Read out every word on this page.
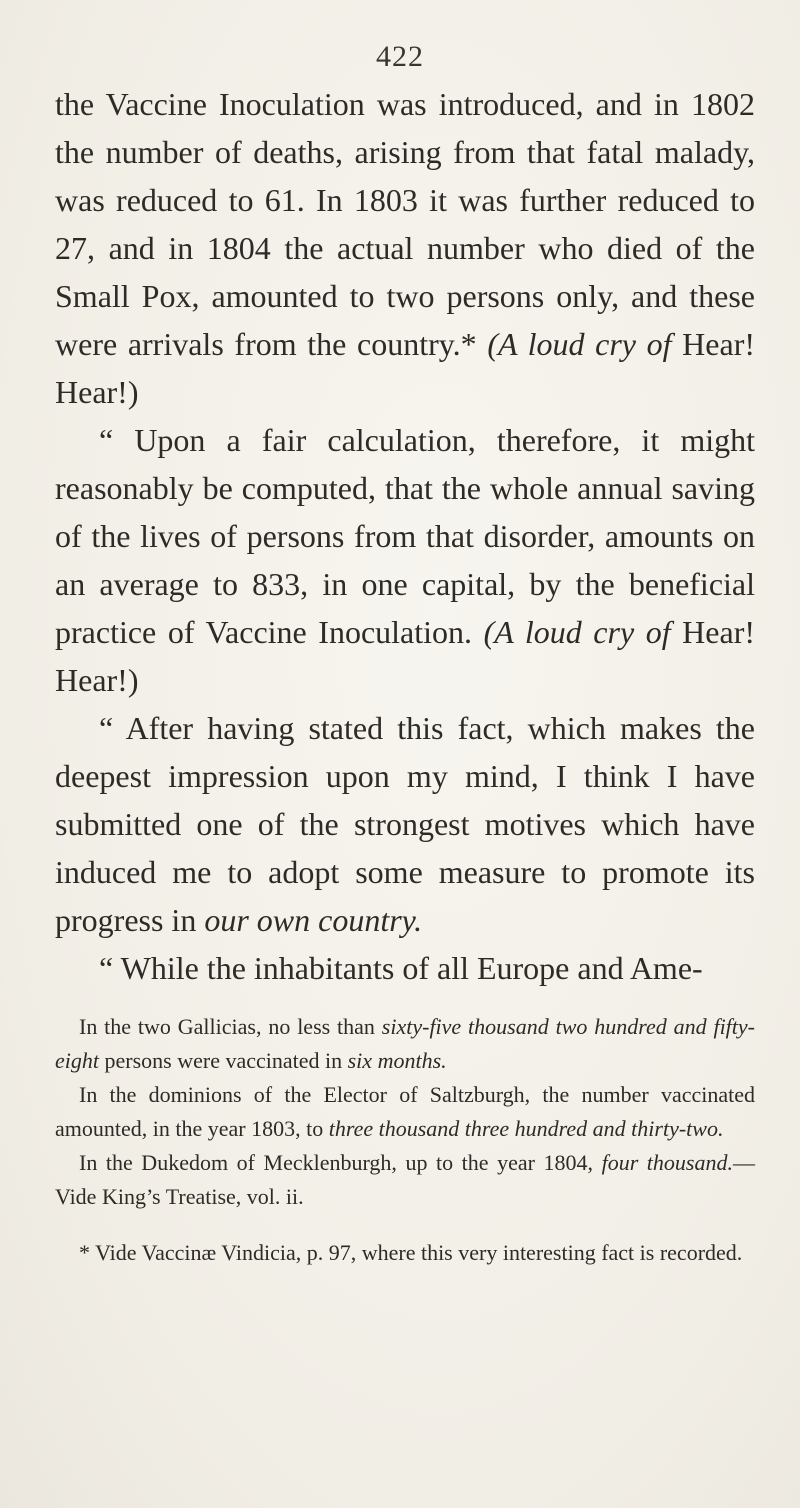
422

the Vaccine Inoculation was introduced, and in 1802 the number of deaths, arising from that fatal malady, was reduced to 61. In 1803 it was further reduced to 27, and in 1804 the actual number who died of the Small Pox, amounted to two persons only, and these were arrivals from the country.* (A loud cry of Hear! Hear!)

“ Upon a fair calculation, therefore, it might reasonably be computed, that the whole annual saving of the lives of persons from that disorder, amounts on an average to 833, in one capital, by the beneficial practice of Vaccine Inoculation. (A loud cry of Hear! Hear!)

“ After having stated this fact, which makes the deepest impression upon my mind, I think I have submitted one of the strongest motives which have induced me to adopt some measure to promote its progress in our own country.

“ While the inhabitants of all Europe and Ame-

In the two Gallicias, no less than sixty-five thousand two hundred and fifty-eight persons were vaccinated in six months.

In the dominions of the Elector of Saltzburgh, the number vaccinated amounted, in the year 1803, to three thousand three hundred and thirty-two.

In the Dukedom of Mecklenburgh, up to the year 1804, four thousand.—Vide King’s Treatise, vol. ii.

* Vide Vaccinæ Vindicia, p. 97, where this very interesting fact is recorded.
